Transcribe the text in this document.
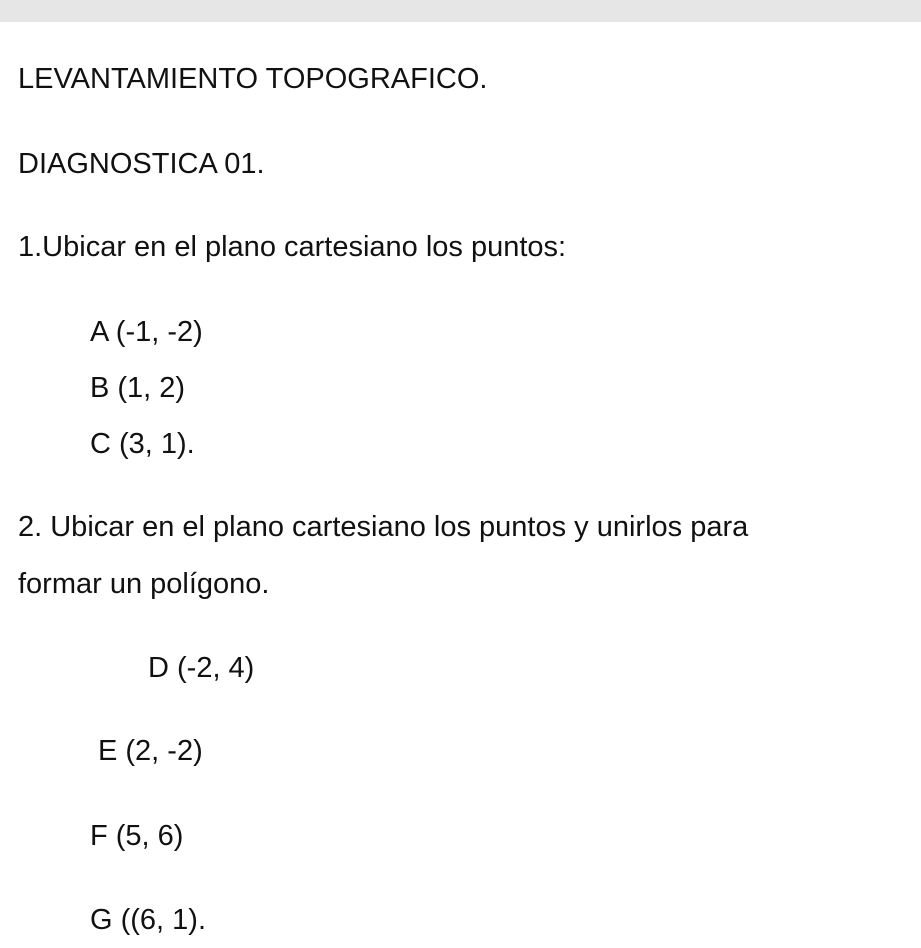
LEVANTAMIENTO TOPOGRAFICO.
DIAGNOSTICA 01.
1.Ubicar en el plano cartesiano los puntos:
A (-1, -2)
B (1, 2)
C (3, 1).
2. Ubicar en el plano cartesiano los puntos y unirlos para
formar un polígono.
D (-2, 4)
E (2, -2)
F (5, 6)
G ((6, 1).
